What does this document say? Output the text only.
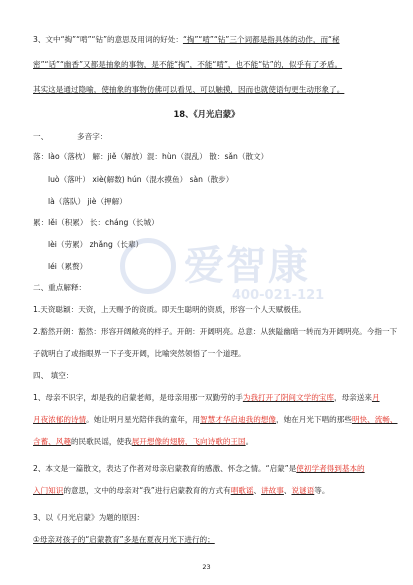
爱智康
400-021-121
3、文中“掏”“啃”“钻”的意思及用词的好处：“掏”“啃”“钻”三个词都是指具体的动作，而“秘
密”“话”“幽香”又都是抽象的事物，是不能“掏”，不能“啃”，也不能“钻”的，似乎有了矛盾。
其实这是通过隐喻，使抽象的事物仿佛可以看见、可以触摸，因而也就使语句更生动形象了。
18、《月光启蒙》
一、	多音字：
落：lào（落枕） 解：jiě（解放）混：hùn（混乱） 散：sǎn（散文）
luò（落叶） xiè(解数) hún（混水摸鱼） sàn（散步）
là（落队） jiè（押解）
累：lěi（积累） 长：cháng（长城）
lèi（劳累） zhǎng（长辈）
léi（累赘）
二、重点解释：
1.天资聪颖：天资，上天赐予的资质。即天生聪明的资质，形容一个人天赋极佳。
2.豁然开朗：豁然：形容开阔敞亮的样子。开朗：开阔明亮。总意：从狭隘幽暗一转而为开阔明亮。今指一下
子就明白了或指眼界一下子变开阔，比喻突然领悟了一个道理。
四、 填空：
1、母亲不识字，却是我的启蒙老师，是母亲用那一双勤劳的手为我打开了阴间文学的宝库，母亲送来月
月夜浓郁的诗情。她让明月星光陪伴我的童年，用智慧才华启迪我的想像，她在月光下唱的那些明快、流畅、
含蓄、风趣的民歌民谣，使我展开想像的翅膀，飞向诗歌的王国。
2、本文是一篇散文，表达了作者对母亲启蒙教育的感激、怀念之情。“启蒙”是使初学者得到基本的
入门知识的意思，文中的母亲对“我”进行启蒙教育的方式有唱歌谣、讲故事、说谜语等。
3、以《月光启蒙》为题的原因：
①母亲对孩子的“启蒙教育”多是在夏夜月光下进行的；
23
